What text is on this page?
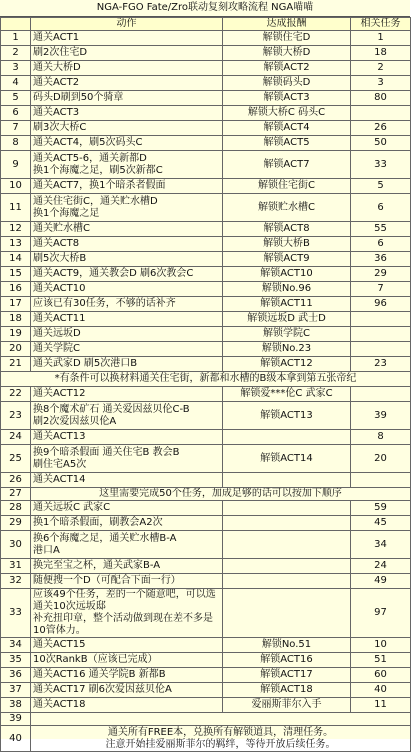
NGA-FGO Fate/Zro联动复刻攻略流程 NGA喵喵
	动作	达成报酬	相关任务
1	通关ACT1	解锁住宅D	1
2	刷2次住宅D	解锁大桥D	18
3	通关大桥D	解锁ACT2	2
4	通关ACT2	解锁码头D	3
5	码头D刷到50个骑章	解锁ACT3	80
6	通关ACT3	解锁大桥C 码头C	
7	刷3次大桥C	解锁ACT4	26
8	通关ACT4，刷5次码头C	解锁ACT5	50
9	通关ACT5-6，通关新都D
换1个海魔之足，刷5次新都C	解锁ACT7	33
10	通关ACT7，换1个暗杀者假面	解锁住宅街C	5
11	通关住宅街C，通关贮水槽D
换1个海魔之足	解锁贮水槽C	6
12	通关贮水槽C	解锁ACT8	55
13	通关ACT8	解锁大桥B	6
14	刷5次大桥B	解锁ACT9	36
15	通关ACT9，通关教会D 刷6次教会C	解锁ACT10	29
16	通关ACT10	解锁No.96	7
17	应该已有30任务，不够的话补齐	解锁ACT11	96
18	通关ACT11	解锁远坂D 武士D	
19	通关远坂D	解锁学院C	
20	通关学院C	解锁No.23	
21	通关武家D 刷5次港口B	解锁ACT12	23
*有条件可以换材料通关住宅街，新都和水槽的B级本拿到第五张帝纪			
22	通关ACT12	解锁爱***伦C 武家C	
23	换8个魔术矿石 通关爱因兹贝伦C-B
刷2次爱因兹贝伦A	解锁ACT13	39
24	通关ACT13		8
25	换9个暗杀假面 通关住宅B 教会B
刷住宅A5次	解锁ACT14	20
26	通关ACT14		

27	这里需要完成50个任务，加成足够的话可以按加下顺序		
28	通关远坂C 武家C		59
29	换1个暗杀假面，刷教会A2次		45
30	换6个海魔之足，通关贮水槽B-A
港口A		34
31	换完至宝之杯，通关武家B-A		24
32	随便搜一个D（可配合下面一行）		49
33	应该49个任务，差的一个随意吧，可以选通关10次远坂邸
补充扭印章，整个活动做到现在差不多是10管体力。		97
34	通关ACT15	解锁No.51	10
35	10次RankB（应该已完成）	解锁ACT16	51
36	通关ACT16 通关学院B 新都B	解锁ACT17	60
37	通关ACT17 刷6次爱因兹贝伦A	解锁ACT18	40
38	通关ACT18	爱丽斯菲尔入手	11
39			
40	通关所有FREE本，兑换所有解锁道具，清理任务。
注意开始挂爱丽斯菲尔的羁绊，等待开放后续任务。		
